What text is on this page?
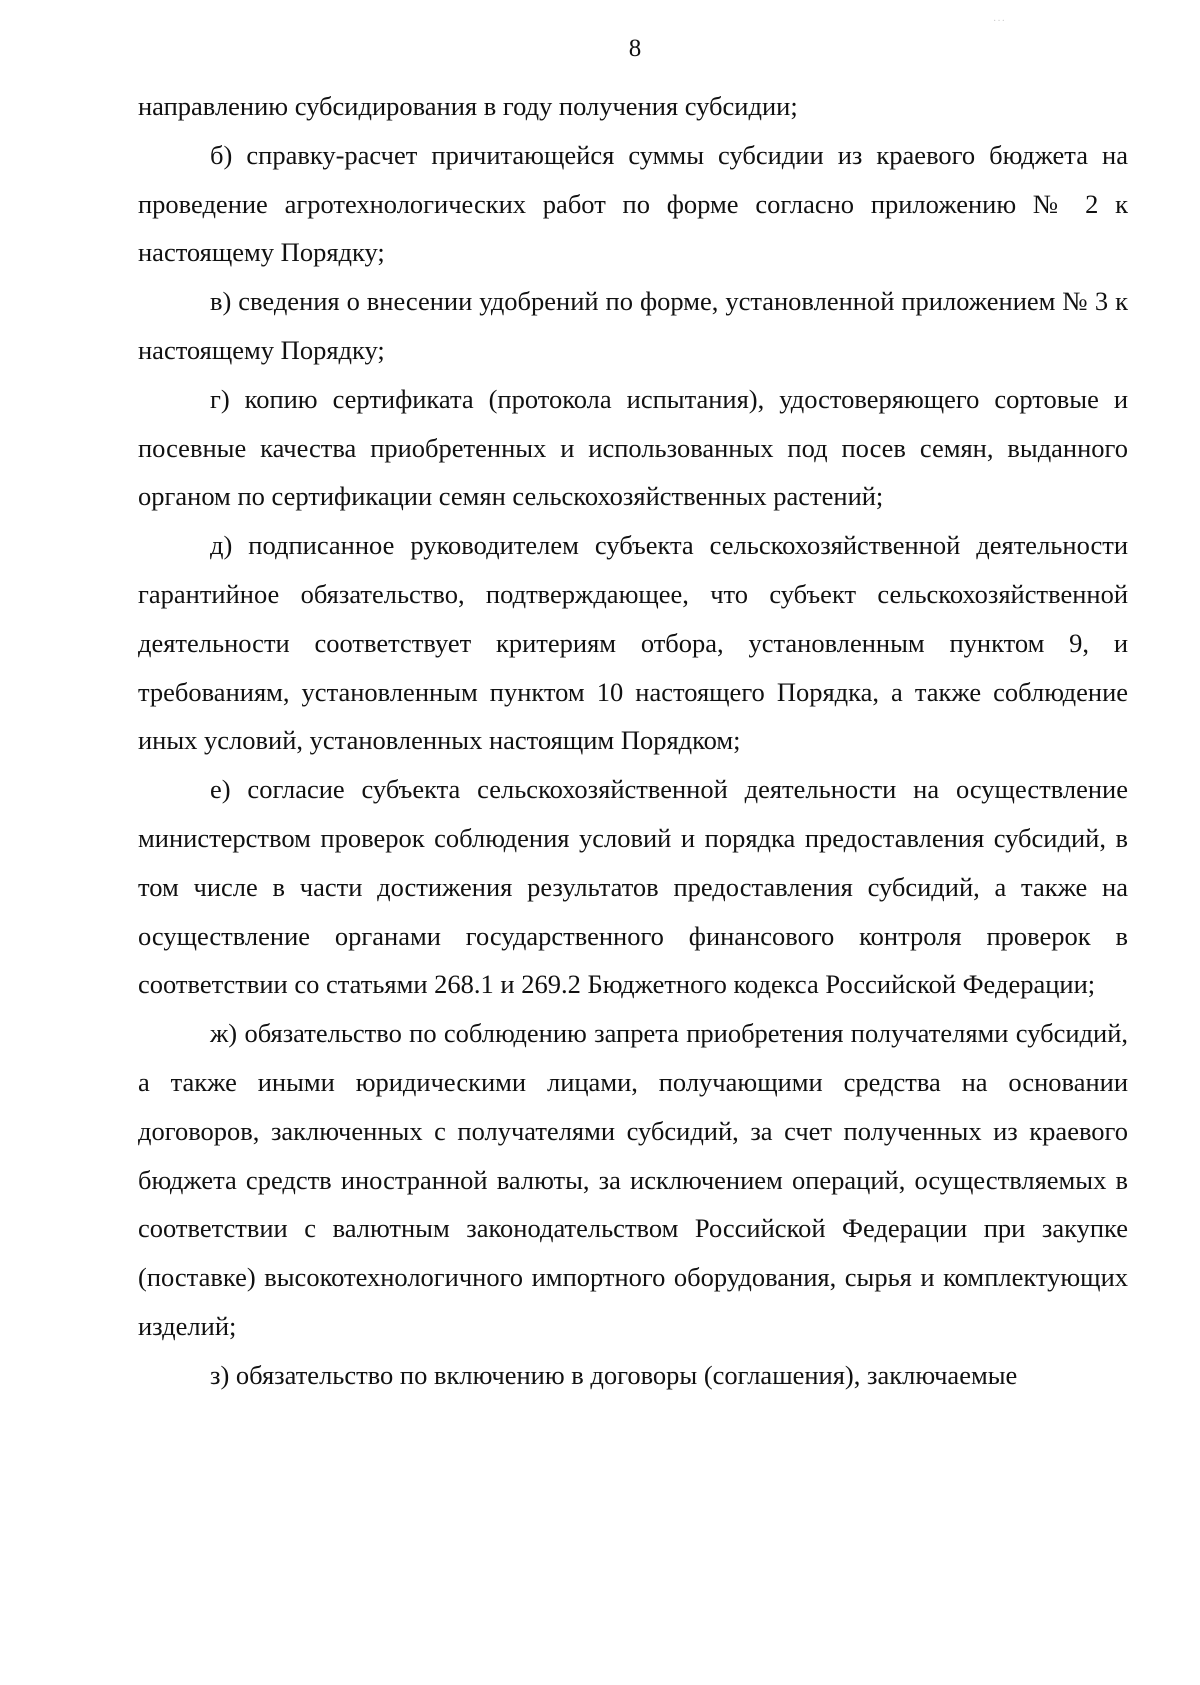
···
8

направлению субсидирования в году получения субсидии;

б) справку-расчет причитающейся суммы субсидии из краевого бюджета на проведение агротехнологических работ по форме согласно приложению № 2 к настоящему Порядку;

в) сведения о внесении удобрений по форме, установленной приложением № 3 к настоящему Порядку;

г) копию сертификата (протокола испытания), удостоверяющего сортовые и посевные качества приобретенных и использованных под посев семян, выданного органом по сертификации семян сельскохозяйственных растений;

д) подписанное руководителем субъекта сельскохозяйственной деятельности гарантийное обязательство, подтверждающее, что субъект сельскохозяйственной деятельности соответствует критериям отбора, установленным пунктом 9, и требованиям, установленным пунктом 10 настоящего Порядка, а также соблюдение иных условий, установленных настоящим Порядком;

е) согласие субъекта сельскохозяйственной деятельности на осуществление министерством проверок соблюдения условий и порядка предоставления субсидий, в том числе в части достижения результатов предоставления субсидий, а также на осуществление органами государственного финансового контроля проверок в соответствии со статьями 268.1 и 269.2 Бюджетного кодекса Российской Федерации;

ж) обязательство по соблюдению запрета приобретения получателями субсидий, а также иными юридическими лицами, получающими средства на основании договоров, заключенных с получателями субсидий, за счет полученных из краевого бюджета средств иностранной валюты, за исключением операций, осуществляемых в соответствии с валютным законодательством Российской Федерации при закупке (поставке) высокотехнологичного импортного оборудования, сырья и комплектующих изделий;

з) обязательство по включению в договоры (соглашения), заключаемые
